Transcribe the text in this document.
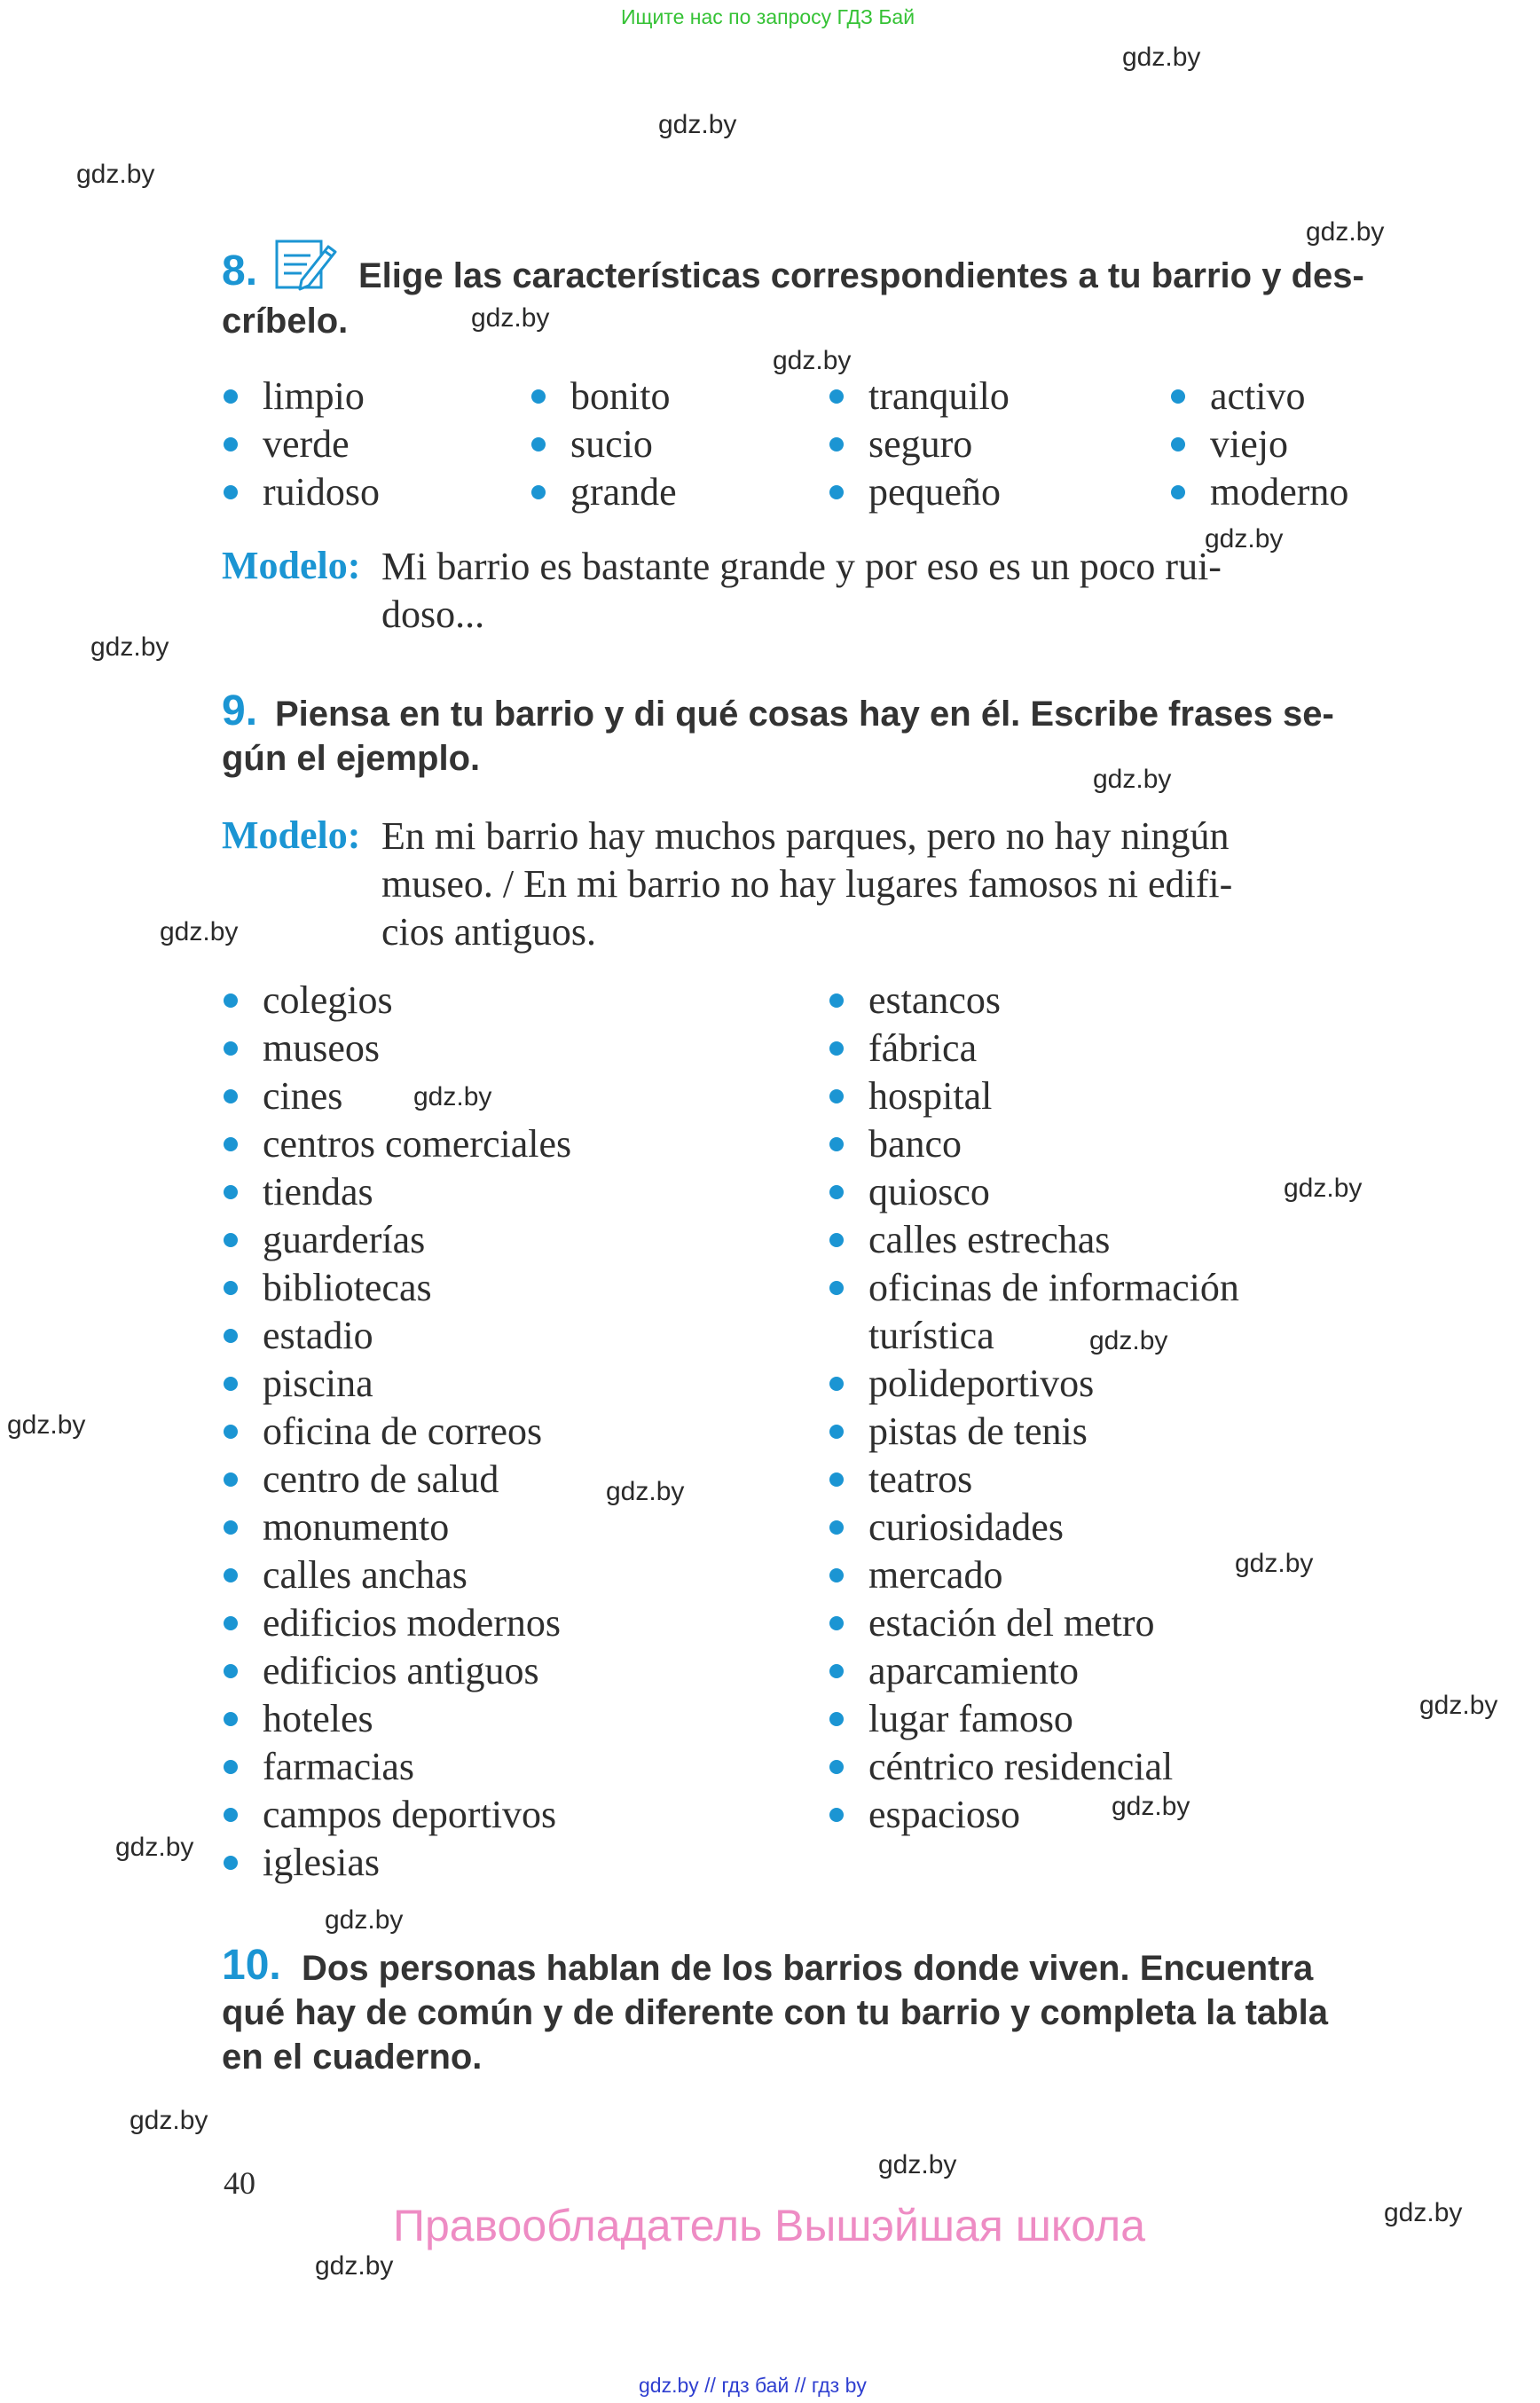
Ищите нас по запросу ГДЗ Бай
gdz.by
gdz.by
gdz.by
gdz.by
gdz.by
gdz.by
gdz.by
gdz.by
gdz.by
gdz.by
gdz.by
gdz.by
gdz.by
gdz.by
gdz.by
gdz.by
gdz.by
gdz.by
gdz.by
gdz.by
gdz.by
gdz.by
gdz.by
gdz.by
8.	Elige las características correspondientes a tu barrio y des-
críbelo.
limpio
verde
ruidoso
bonito
sucio
grande
tranquilo
seguro
pequeño
activo
viejo
moderno
Modelo: Mi barrio es bastante grande y por eso es un poco rui-
doso...
9. Piensa en tu barrio y di qué cosas hay en él. Escribe frases se-
gún el ejemplo.
Modelo: En mi barrio hay muchos parques, pero no hay ningún
museo. / En mi barrio no hay lugares famosos ni edifi-
cios antiguos.
colegios
museos
cines
centros comerciales
tiendas
guarderías
bibliotecas
estadio
piscina
oficina de correos
centro de salud
monumento
calles anchas
edificios modernos
edificios antiguos
hoteles
farmacias
campos deportivos
iglesias
estancos
fábrica
hospital
banco
quiosco
calles estrechas
oficinas de información
turística
polideportivos
pistas de tenis
teatros
curiosidades
mercado
estación del metro
aparcamiento
lugar famoso
céntrico residencial
espacioso
10. Dos personas hablan de los barrios donde viven. Encuentra
qué hay de común y de diferente con tu barrio y completa la tabla
en el cuaderno.
40
Правообладатель Вышэйшая школа
gdz.by // гдз бай // гдз by
